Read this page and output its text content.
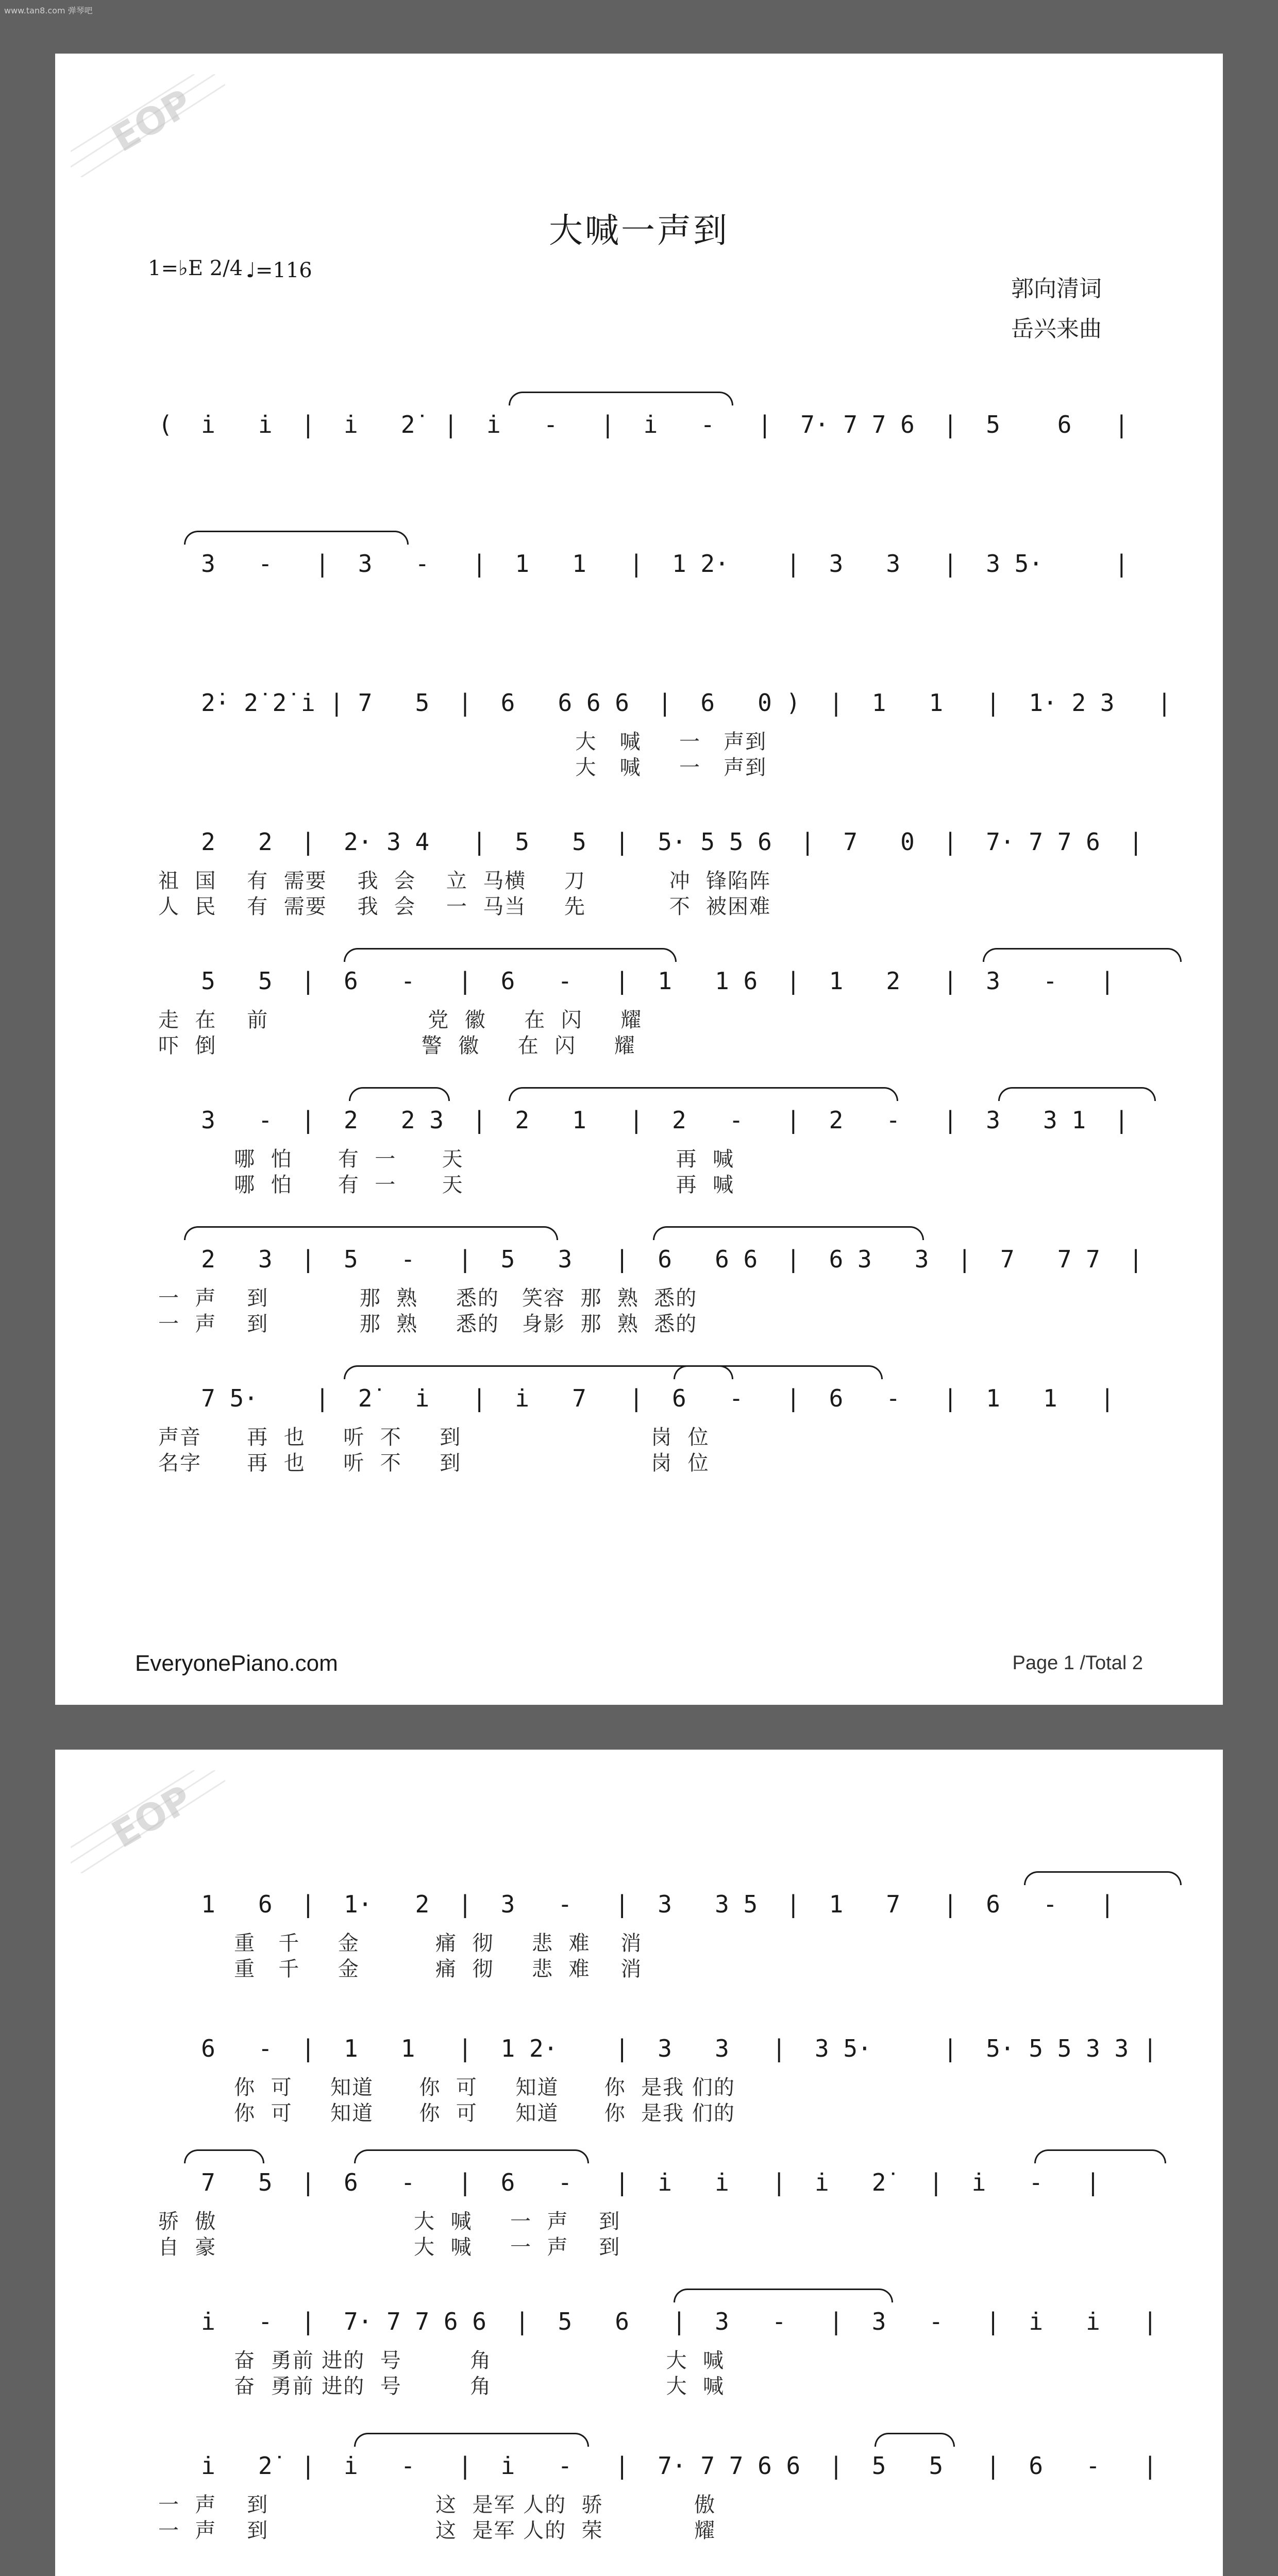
www.tan8.com 弹琴吧
EOP
大喊一声到
1=♭E 2/4 ♩=116
郭向清词
岳兴来曲
(  i̇   i̇  |  i̇   2̇  |  i̇   -   |  i̇   -   |  7· 7 7 6  |  5    6   |
3   -   |  3   -   |  1   1   |  1 2·    |  3   3   |  3 5·     |
2̇· 2̇ 2̇ i̇ | 7   5  |  6   6 6 6  |  6   0 )  |  1   1   |  1· 2 3   |
大   喊     一   声到
大   喊     一   声到
2   2  |  2· 3 4   |  5   5  |  5· 5 5 6  |  7   0  |  7· 7 7 6  |
祖  国    有  需要    我  会    立  马横     刀           冲  锋陷阵
人  民    有  需要    我  会    一  马当     先           不  被困难
5   5  |  6   -   |  6   -   |  1   1 6  |  1   2   |  3   -   |
走  在    前                     党  徽     在  闪     耀
吓  倒                           警  徽     在  闪     耀
3   -  |  2   2 3  |  2   1   |  2   -   |  2   -   |  3   3 1  |
哪  怕      有  一      天                            再  喊
哪  怕      有  一      天                            再  喊
2   3  |  5   -   |  5   3   |  6   6 6  |  6 3   3  |  7   7 7  |
一  声    到            那  熟     悉的   笑容  那  熟  悉的
一  声    到            那  熟     悉的   身影  那  熟  悉的
7 5·    |  2̇   i̇   |  i̇   7   |  6   -   |  6   -   |  1   1   |
声音      再  也     听  不     到                         岗  位
名字      再  也     听  不     到                         岗  位
EveryonePiano.com	Page 1 /Total 2
EOP
1   6  |  1·   2  |  3   -   |  3   3 5  |  1   7   |  6   -   |
重   千     金          痛  彻     悲  难    消
重   千     金          痛  彻     悲  难    消
6   -  |  1   1   |  1 2·    |  3   3   |  3 5·     |  5· 5 5 3 3 |
你  可     知道      你  可     知道      你  是我 们的
你  可     知道      你  可     知道      你  是我 们的
7   5  |  6   -   |  6   -   |  i̇   i̇   |  i̇   2̇   |  i̇   -   |
骄  傲                          大  喊     一  声    到
自  豪                          大  喊     一  声    到
i̇   -  |  7· 7 7 6 6  |  5   6   |  3   -   |  3   -   |  i̇   i̇   |
奋  勇前 进的  号         角                       大  喊
奋  勇前 进的  号         角                       大  喊
i̇   2̇  |  i̇   -   |  i̇   -   |  7· 7 7 6 6  |  5   5   |  6   -   |
一  声    到                      这  是军 人的  骄            傲
一  声    到                      这  是军 人的  荣            耀
